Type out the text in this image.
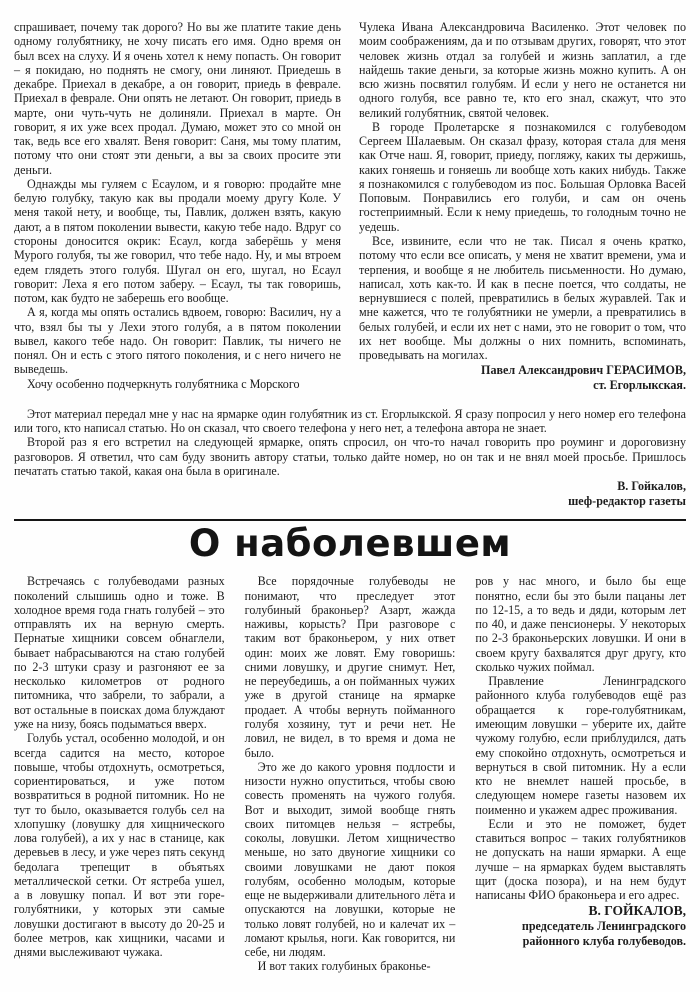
спрашивает, почему так дорого? Но вы же платите такие день одному голубятнику, не хочу писать его имя. Одно время он был всех на слуху. И я очень хотел к нему попасть. Он говорит – я покидаю, но поднять не смогу, они линяют. Приедешь в декабре. Приехал в декабре, а он говорит, приедь в феврале. Приехал в феврале. Они опять не летают. Он говорит, приедь в марте, они чуть-чуть не долиняли. Приехал в марте. Он говорит, я их уже всех продал. Думаю, может это со мной он так, ведь все его хвалят. Веня говорит: Саня, мы тому платим, потому что они стоят эти деньги, а вы за своих просите эти деньги.

Однажды мы гуляем с Есаулом, и я говорю: продайте мне белую голубку, такую как вы продали моему другу Коле. У меня такой нету, и вообще, ты, Павлик, должен взять, какую дают, а в пятом поколении вывести, какую тебе надо. Вдруг со стороны доносится окрик: Есаул, когда заберёшь у меня Мурого голубя, ты же говорил, что тебе надо. Ну, и мы втроем едем глядеть этого голубя. Шугал он его, шугал, но Есаул говорит: Леха я его потом заберу. – Есаул, ты так говоришь, потом, как будто не заберешь его вообще.

А я, когда мы опять остались вдвоем, говорю: Василич, ну а что, взял бы ты у Лехи этого голубя, а в пятом поколении вывел, какого тебе надо. Он говорит: Павлик, ты ничего не понял. Он и есть с этого пятого поколения, и с него ничего не выведешь.

Хочу особенно подчеркнуть голубятника с Морского

Чулека Ивана Александровича Василенко. Этот человек по моим соображениям, да и по отзывам других, говорят, что этот человек жизнь отдал за голубей и жизнь заплатил, а где найдешь такие деньги, за которые жизнь можно купить. А он всю жизнь посвятил голубям. И если у него не останется ни одного голубя, все равно те, кто его знал, скажут, что это великий голубятник, святой человек.

В городе Пролетарске я познакомился с голубеводом Сергеем Шалаевым. Он сказал фразу, которая стала для меня как Отче наш. Я, говорит, приеду, погляжу, каких ты держишь, каких гоняешь и гоняешь ли вообще хоть каких нибудь. Также я познакомился с голубеводом из пос. Большая Орловка Васей Поповым. Понравились его голуби, и сам он очень гостеприимный. Если к нему приедешь, то голодным точно не уедешь.

Все, извините, если что не так. Писал я очень кратко, потому что если все описать, у меня не хватит времени, ума и терпения, и вообще я не любитель письменности. Но думаю, написал, хоть как-то. И как в песне поется, что солдаты, не вернувшиеся с полей, превратились в белых журавлей. Так и мне кажется, что те голубятники не умерли, а превратились в белых голубей, и если их нет с нами, это не говорит о том, что их нет вообще. Мы должны о них помнить, вспоминать, проведывать на могилах.

Павел Александрович ГЕРАСИМОВ,
ст. Егорлыкская.

Этот материал передал мне у нас на ярмарке один голубятник из ст. Егорлыкской. Я сразу попросил у него номер его телефона или того, кто написал статью. Но он сказал, что своего телефона у него нет, а телефона автора не знает.

Второй раз я его встретил на следующей ярмарке, опять спросил, он что-то начал говорить про роуминг и дороговизну разговоров. Я ответил, что сам буду звонить автору статьи, только дайте номер, но он так и не внял моей просьбе. Пришлось печатать статью такой, какая она была в оригинале.

В. Гойкалов,
шеф-редактор газеты
О наболевшем

Встречаясь с голубеводами разных поколений слышишь одно и тоже. В холодное время года гнать голубей – это отправлять их на верную смерть. Пернатые хищники совсем обнаглели, бывает набрасываются на стаю голубей по 2-3 штуки сразу и разгоняют ее за несколько километров от родного питомника, что забрели, то забрали, а вот остальные в поисках дома блуждают уже на низу, боясь подыматься вверх.

Голубь устал, особенно молодой, и он всегда садится на место, которое повыше, чтобы отдохнуть, осмотреться, сориентироваться, и уже потом возвратиться в родной питомник. Но не тут то было, оказывается голубь сел на хлопушку (ловушку для хищнического лова голубей), а их у нас в станице, как деревьев в лесу, и уже через пять секунд бедолага трепещит в объятьях металлической сетки. От ястреба ушел, а в ловушку попал. И вот эти горе-голубятники, у которых эти самые ловушки достигают в высоту до 20-25 и более метров, как хищники, часами и днями выслеживают чужака.

Все порядочные голубеводы не понимают, что преследует этот голубиный браконьер? Азарт, жажда наживы, корысть? При разговоре с таким вот браконьером, у них ответ один: моих же ловят. Ему говоришь: сними ловушку, и другие снимут. Нет, не переубедишь, а он пойманных чужих уже в другой станице на ярмарке продает. А чтобы вернуть пойманного голубя хозяину, тут и речи нет. Не ловил, не видел, в то время и дома не было.

Это же до какого уровня подлости и низости нужно опуститься, чтобы свою совесть променять на чужого голубя. Вот и выходит, зимой вообще гнять своих питомцев нельзя – ястребы, соколы, ловушки. Летом хищничество меньше, но зато двуногие хищники со своими ловушками не дают покоя голубям, особенно молодым, которые еще не выдерживали длительного лёта и опускаются на ловушки, которые не только ловят голубей, но и калечат их – ломают крылья, ноги. Как говорится, ни себе, ни людям.

И вот таких голубиных браконье-

ров у нас много, и было бы еще понятно, если бы это были пацаны лет по 12-15, а то ведь и дяди, которым лет по 40, и даже пенсионеры. У некоторых по 2-3 браконьерских ловушки. И они в своем кругу бахвалятся друг другу, кто сколько чужих поймал.

Правление Ленинградского районного клуба голубеводов ещё раз обращается к горе-голубятникам, имеющим ловушки – уберите их, дайте чужому голубю, если приблудился, дать ему спокойно отдохнуть, осмотреться и вернуться в свой питомник. Ну а если кто не внемлет нашей просьбе, в следующем номере газеты назовем их поименно и укажем адрес проживания.

Если и это не поможет, будет ставиться вопрос – таких голубятников не допускать на наши ярмарки. А еще лучше – на ярмарках будем выставлять щит (доска позора), и на нем будут написаны ФИО браконьера и его адрес.

В. ГОЙКАЛОВ,
председатель Ленинградского
районного клуба голубеводов.
